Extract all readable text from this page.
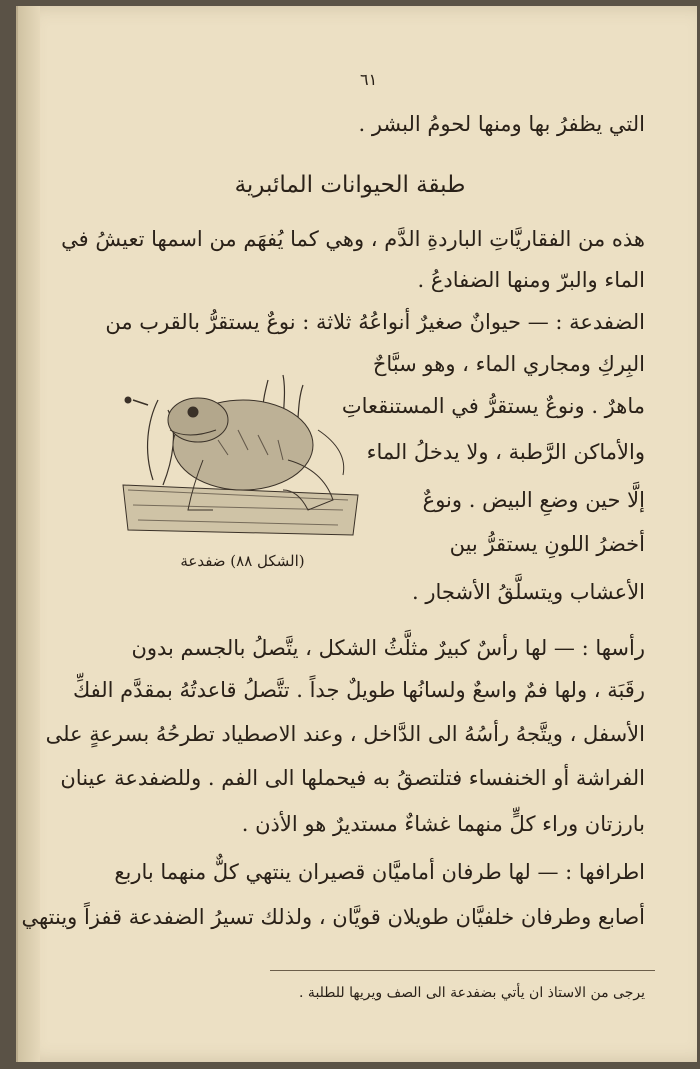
٦١
التي يظفرُ بها ومنها لحومُ البشر .
طبقة الحيوانات المائبرية
هذه من الفقاريَّاتِ الباردةِ الدَّم ، وهي كما يُفهَم من اسمها تعيشُ في
الماء والبرّ ومنها الضفادعُ .
الضفدعة : — حيوانٌ صغيرٌ أنواعُهُ ثلاثة : نوعٌ يستقرُّ بالقرب من
البِركِ ومجاري الماء ، وهو سبَّاحٌ
ماهرٌ . ونوعٌ يستقرُّ في المستنقعاتِ
والأماكن الرَّطبة ، ولا يدخلُ الماء
إلَّا حين وضعِ البيض . ونوعٌ
أخضرُ اللونِ يستقرُّ بين
الأعشاب ويتسلَّقُ الأشجار .
(الشكل ٨٨) ضفدعة
رأسها : — لها رأسٌ كبيرٌ مثلَّثُ الشكل ، يتَّصلُ بالجسم بدون
رقَبَة ، ولها فمٌ واسعٌ ولسانُها طويلٌ جداً . تتَّصلُ قاعدتُهُ بمقدَّم الفكِّ
الأسفل ، ويتَّجهُ رأسُهُ الى الدَّاخل ، وعند الاصطياد تطرحُهُ بسرعةٍ على
الفراشة أو الخنفساء فتلتصقُ به فيحملها الى الفم . وللضفدعة عينان
بارزتان وراء كلٍّ منهما غشاءٌ مستديرٌ هو الأذن .
اطرافها : — لها طرفان أماميَّان قصيران ينتهي كلٌّ منهما باربع
أصابع وطرفان خلفيَّان طويلان قويَّان ، ولذلك تسيرُ الضفدعة قفزاً وينتهي
يرجى من الاستاذ ان يأتي بضفدعة الى الصف ويريها للطلبة .
